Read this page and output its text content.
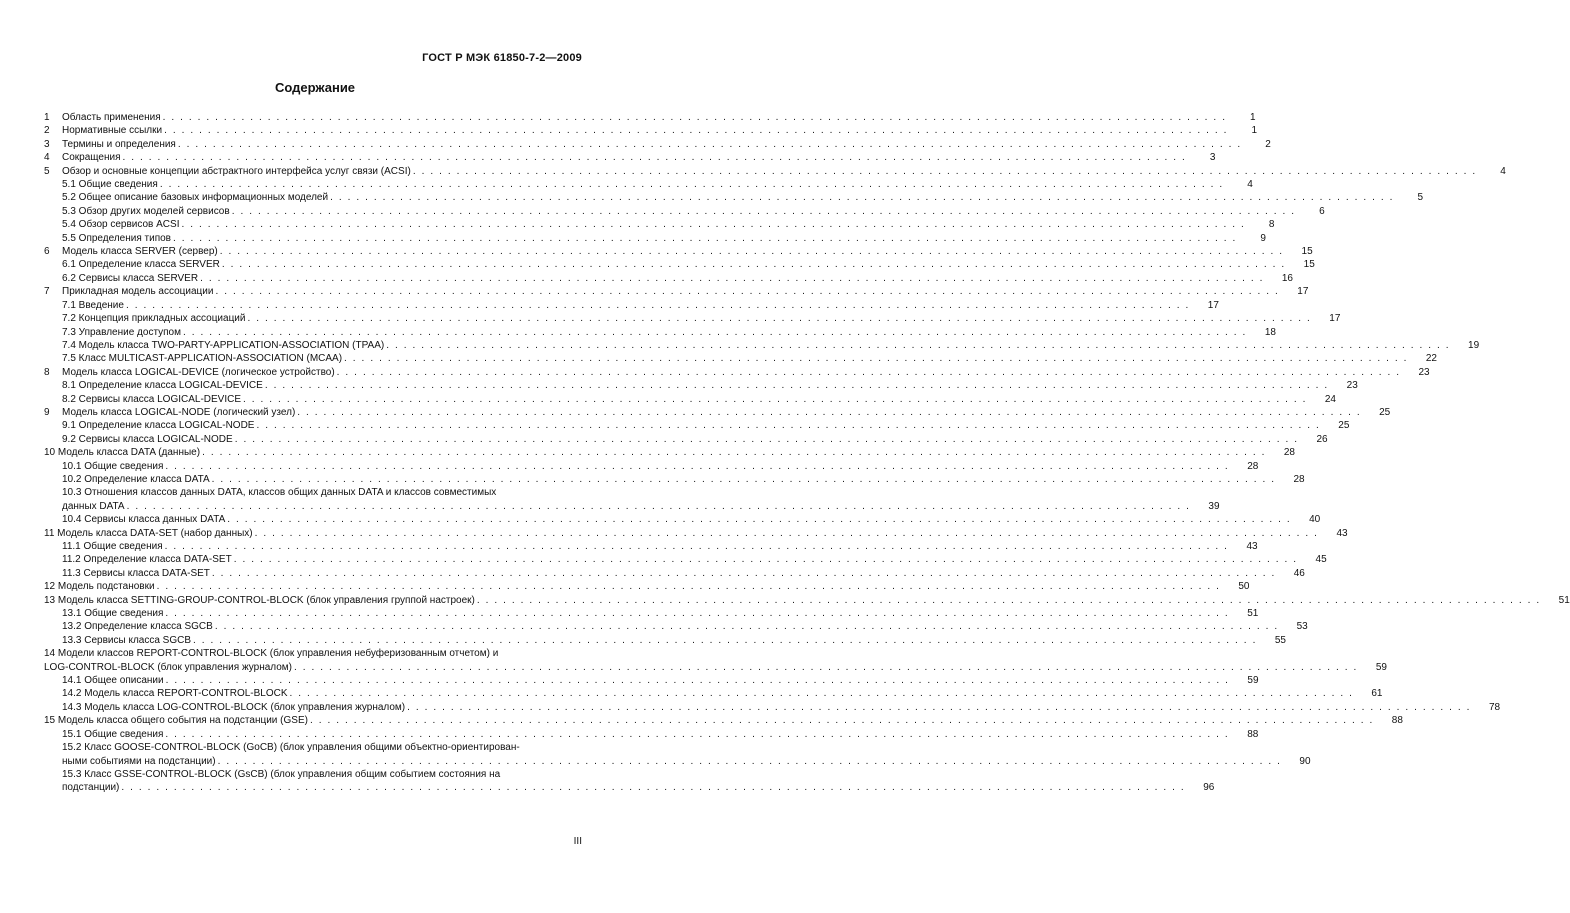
ГОСТ Р МЭК 61850-7-2—2009
Содержание
1 Область применения . . .	1
2 Нормативные ссылки . . .	1
3 Термины и определения . . .	2
4 Сокращения . . .	3
5 Обзор и основные концепции абстрактного интерфейса услуг связи (ACSI) . . .	4
5.1 Общие сведения . . .	4
5.2 Общее описание базовых информационных моделей . . .	5
5.3 Обзор других моделей сервисов . . .	6
5.4 Обзор сервисов ACSI . . .	8
5.5 Определения типов . . .	9
6 Модель класса SERVER (сервер) . . .	15
6.1 Определение класса SERVER . . .	15
6.2 Сервисы класса SERVER . . .	16
7 Прикладная модель ассоциации . . .	17
7.1 Введение . . .	17
7.2 Концепция прикладных ассоциаций . . .	17
7.3 Управление доступом . . .	18
7.4 Модель класса TWO-PARTY-APPLICATION-ASSOCIATION (TPAA) . . .	19
7.5 Класс MULTICAST-APPLICATION-ASSOCIATION (MCAA) . . .	22
8 Модель класса LOGICAL-DEVICE (логическое устройство) . . .	23
8.1 Определение класса LOGICAL-DEVICE . . .	23
8.2 Сервисы класса LOGICAL-DEVICE . . .	24
9 Модель класса LOGICAL-NODE (логический узел) . . .	25
9.1 Определение класса LOGICAL-NODE . . .	25
9.2 Сервисы класса LOGICAL-NODE . . .	26
10 Модель класса DATA (данные) . . .	28
10.1 Общие сведения . . .	28
10.2 Определение класса DATA . . .	28
10.3 Отношения классов данных DATA, классов общих данных DATA и классов совместимых
данных DATA . . .	39
10.4 Сервисы класса данных DATA . . .	40
11 Модель класса DATA-SET (набор данных) . . .	43
11.1 Общие сведения . . .	43
11.2 Определение класса DATA-SET . . .	45
11.3 Сервисы класса DATA-SET . . .	46
12 Модель подстановки . . .	50
13 Модель класса SETTING-GROUP-CONTROL-BLOCK (блок управления группой настроек) . . .	51
13.1 Общие сведения . . .	51
13.2 Определение класса SGCB . . .	53
13.3 Сервисы класса SGCB . . .	55
14 Модели классов REPORT-CONTROL-BLOCK (блок управления небуферизованным отчетом) и
LOG-CONTROL-BLOCK (блок управления журналом) . . .	59
14.1 Общее описании . . .	59
14.2 Модель класса REPORT-CONTROL-BLOCK . . .	61
14.3 Модель класса LOG-CONTROL-BLOCK (блок управления журналом) . . .	78
15 Модель класса общего события на подстанции (GSE) . . .	88
15.1 Общие сведения . . .	88
15.2 Класс GOOSE-CONTROL-BLOCK (GoCB) (блок управления общими объектно-ориентирован-
ными событиями на подстанции) . . .	90
15.3 Класс GSSE-CONTROL-BLOCK (GsCB) (блок управления общим событием состояния на
подстанции) . . .	96
III
